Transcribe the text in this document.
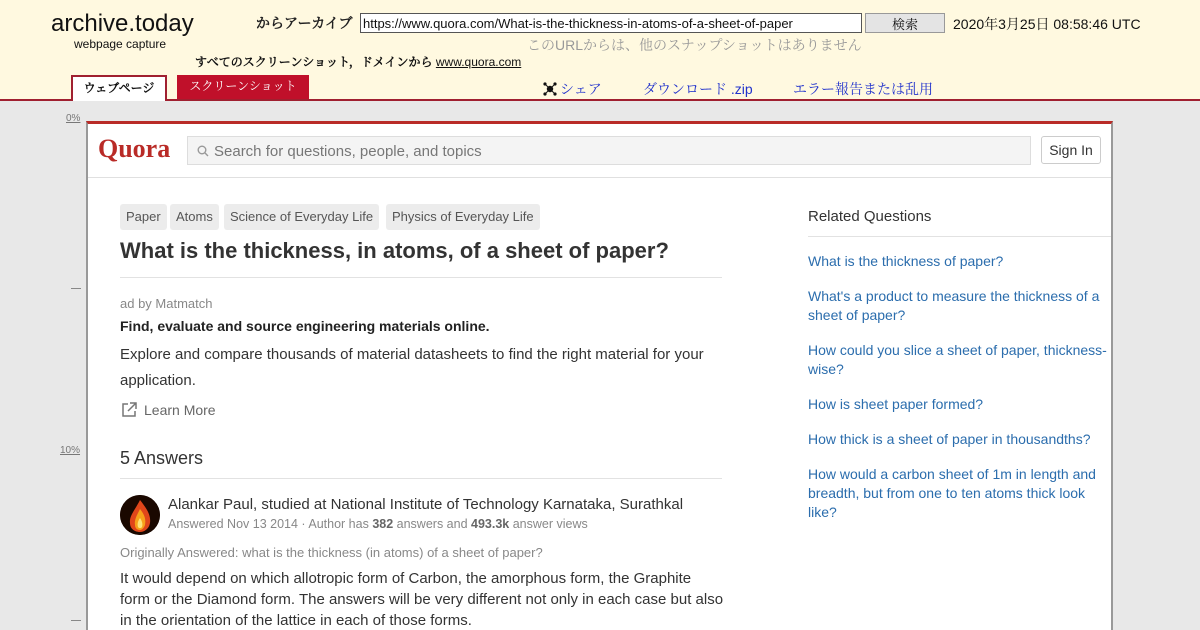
archive.today
webpage capture
からアーカイブ
https://www.quora.com/What-is-the-thickness-in-atoms-of-a-sheet-of-paper	検索	2020年3月25日 08:58:46 UTC
このURLからは、他のスナップショットはありません
すべてのスクリーンショット，ドメインから www.quora.com
ウェブページ	スクリーンショット	シェア	ダウンロード .zip	エラー報告または乱用
0%
10%
Quora	Search for questions, people, and topics	Sign In
Paper	Atoms	Science of Everyday Life	Physics of Everyday Life
What is the thickness, in atoms, of a sheet of paper?
ad by Matmatch
Find, evaluate and source engineering materials online.
Explore and compare thousands of material datasheets to find the right material for your application.
Learn More
5 Answers
Alankar Paul, studied at National Institute of Technology Karnataka, Surathkal
Answered Nov 13 2014 · Author has 382 answers and 493.3k answer views
Originally Answered: what is the thickness (in atoms) of a sheet of paper?
It would depend on which allotropic form of Carbon, the amorphous form, the Graphite form or the Diamond form. The answers will be very different not only in each case but also in the orientation of the lattice in each of those forms.
Related Questions
What is the thickness of paper?
What's a product to measure the thickness of a sheet of paper?
How could you slice a sheet of paper, thickness-wise?
How is sheet paper formed?
How thick is a sheet of paper in thousandths?
How would a carbon sheet of 1m in length and breadth, but from one to ten atoms thick look like?
